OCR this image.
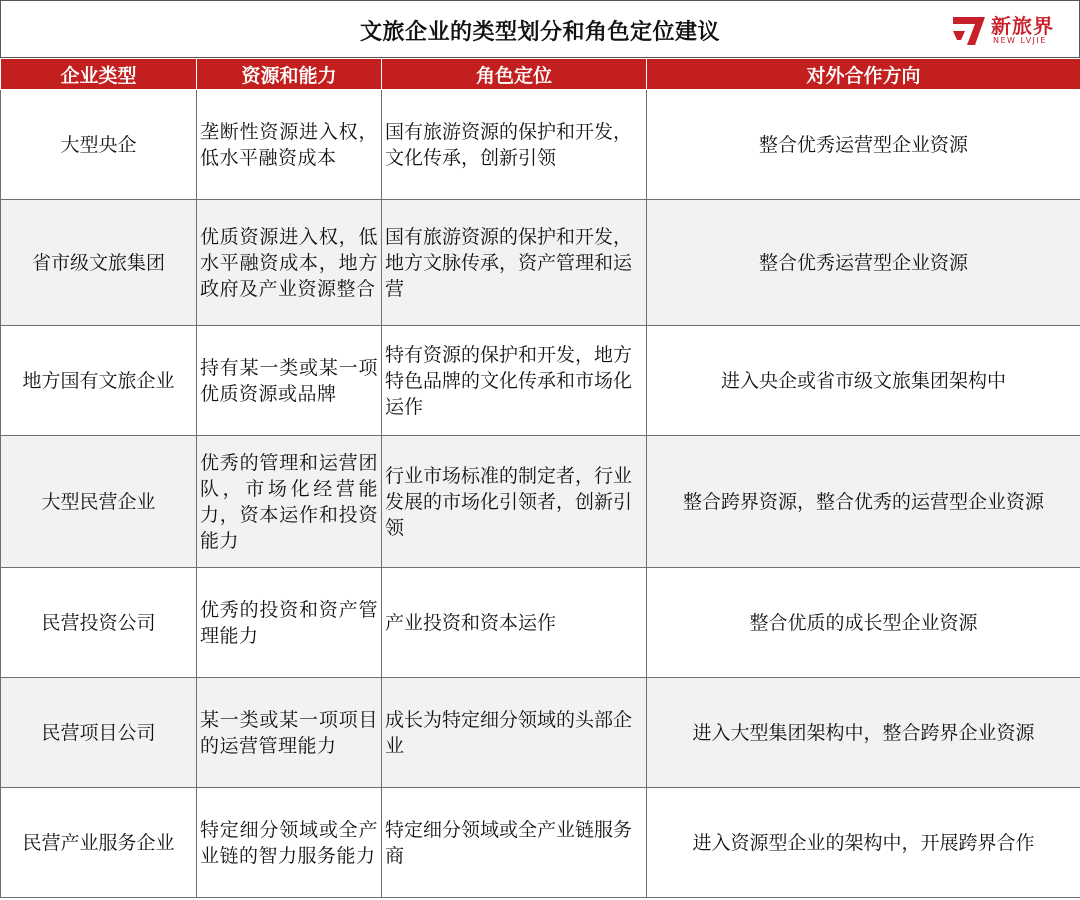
文旅企业的类型划分和角色定位建议	新旅界
NEW LVJIE
企业类型	资源和能力	角色定位	对外合作方向
大型央企	垄断性资源进入权，低水平融资成本	国有旅游资源的保护和开发，文化传承，创新引领	整合优秀运营型企业资源
省市级文旅集团	优质资源进入权，低水平融资成本，地方政府及产业资源整合	国有旅游资源的保护和开发，地方文脉传承，资产管理和运营	整合优秀运营型企业资源
地方国有文旅企业	持有某一类或某一项优质资源或品牌	特有资源的保护和开发，地方特色品牌的文化传承和市场化运作	进入央企或省市级文旅集团架构中
大型民营企业	优秀的管理和运营团队，市场化经营能力，资本运作和投资能力	行业市场标准的制定者，行业发展的市场化引领者，创新引领	整合跨界资源，整合优秀的运营型企业资源
民营投资公司	优秀的投资和资产管理能力	产业投资和资本运作	整合优质的成长型企业资源
民营项目公司	某一类或某一项项目的运营管理能力	成长为特定细分领域的头部企业	进入大型集团架构中，整合跨界企业资源
民营产业服务企业	特定细分领域或全产业链的智力服务能力	特定细分领域或全产业链服务商	进入资源型企业的架构中，开展跨界合作
